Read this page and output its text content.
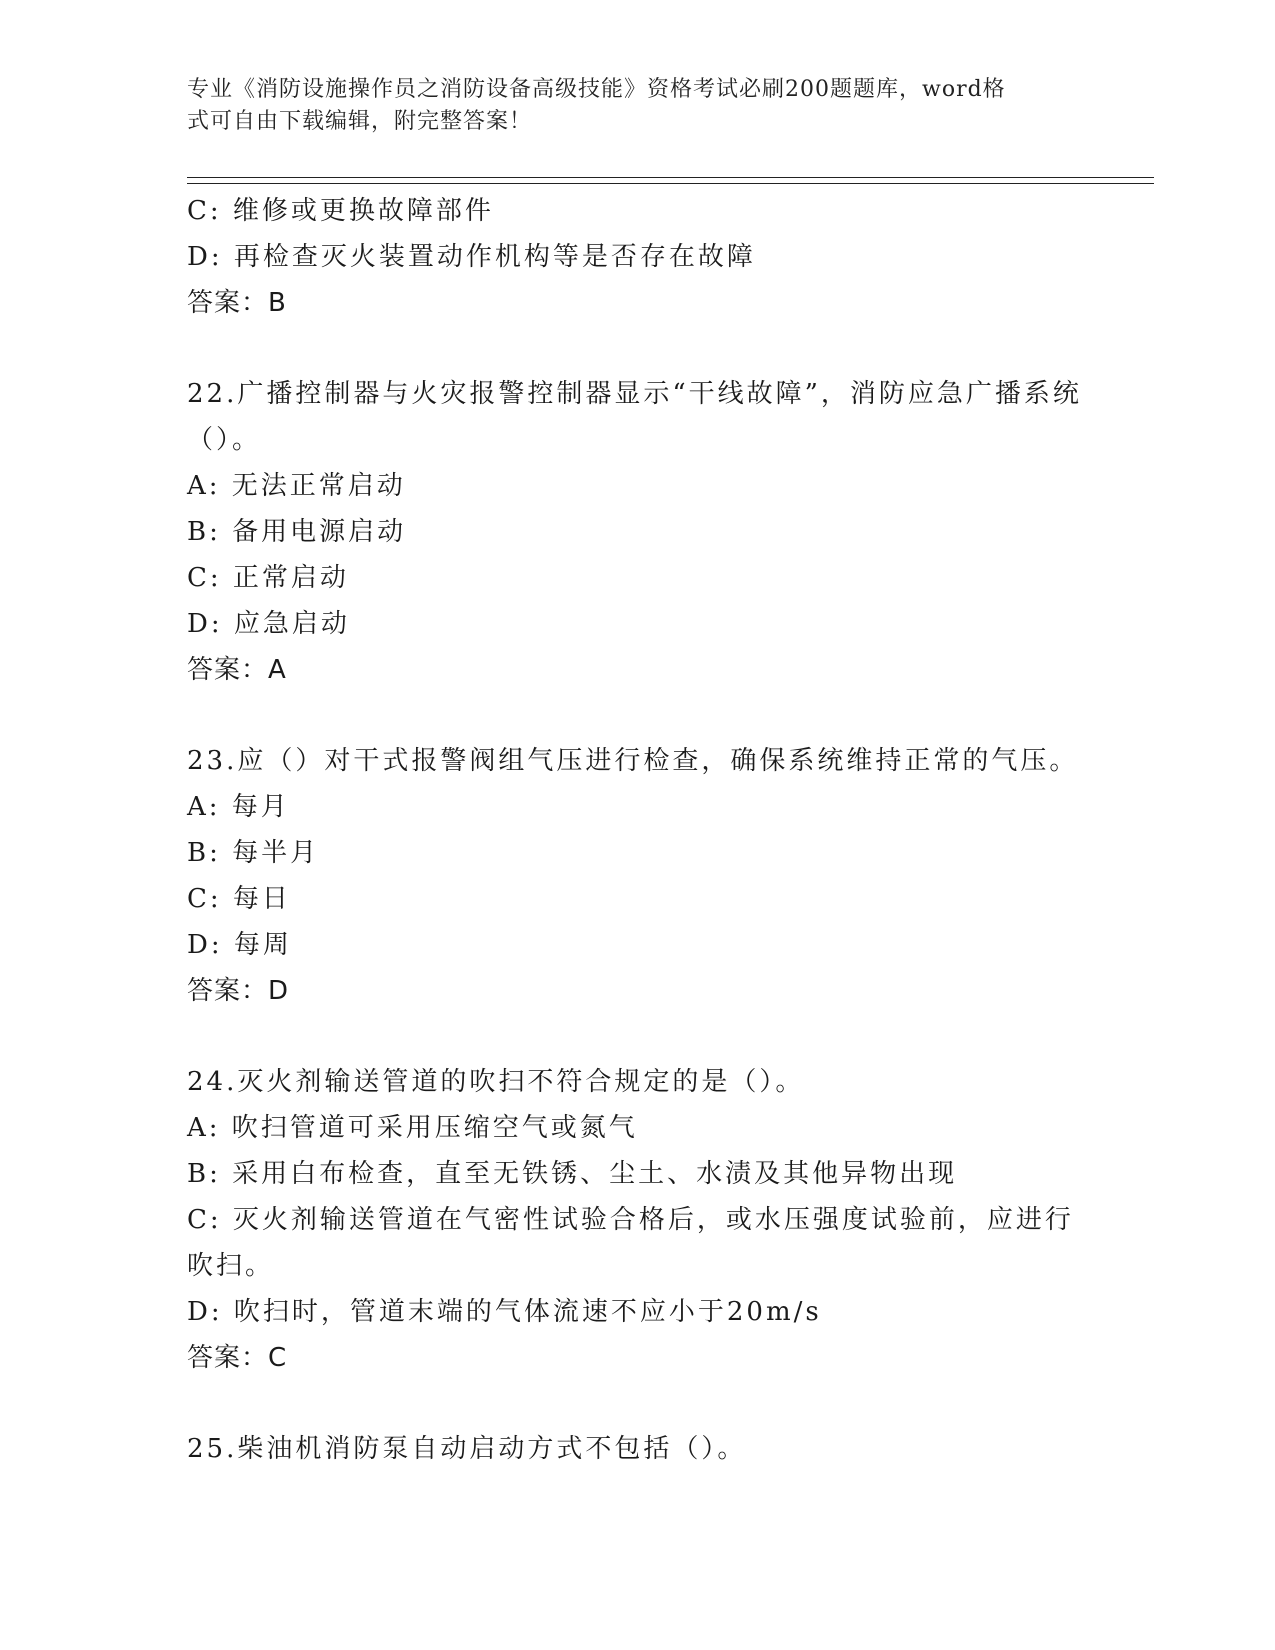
专业《消防设施操作员之消防设备高级技能》资格考试必刷200题题库，word格
式可自由下载编辑，附完整答案！
C: 维修或更换故障部件
D: 再检查灭火装置动作机构等是否存在故障
答案：B
22.广播控制器与火灾报警控制器显示“干线故障”，消防应急广播系统（）。
A: 无法正常启动
B: 备用电源启动
C: 正常启动
D: 应急启动
答案：A
23.应（）对干式报警阀组气压进行检查，确保系统维持正常的气压。
A: 每月
B: 每半月
C: 每日
D: 每周
答案：D
24.灭火剂输送管道的吹扫不符合规定的是（）。
A: 吹扫管道可采用压缩空气或氮气
B: 采用白布检查，直至无铁锈、尘土、水渍及其他异物出现
C: 灭火剂输送管道在气密性试验合格后，或水压强度试验前，应进行吹扫。
D: 吹扫时，管道末端的气体流速不应小于20m/s
答案：C
25.柴油机消防泵自动启动方式不包括（）。
